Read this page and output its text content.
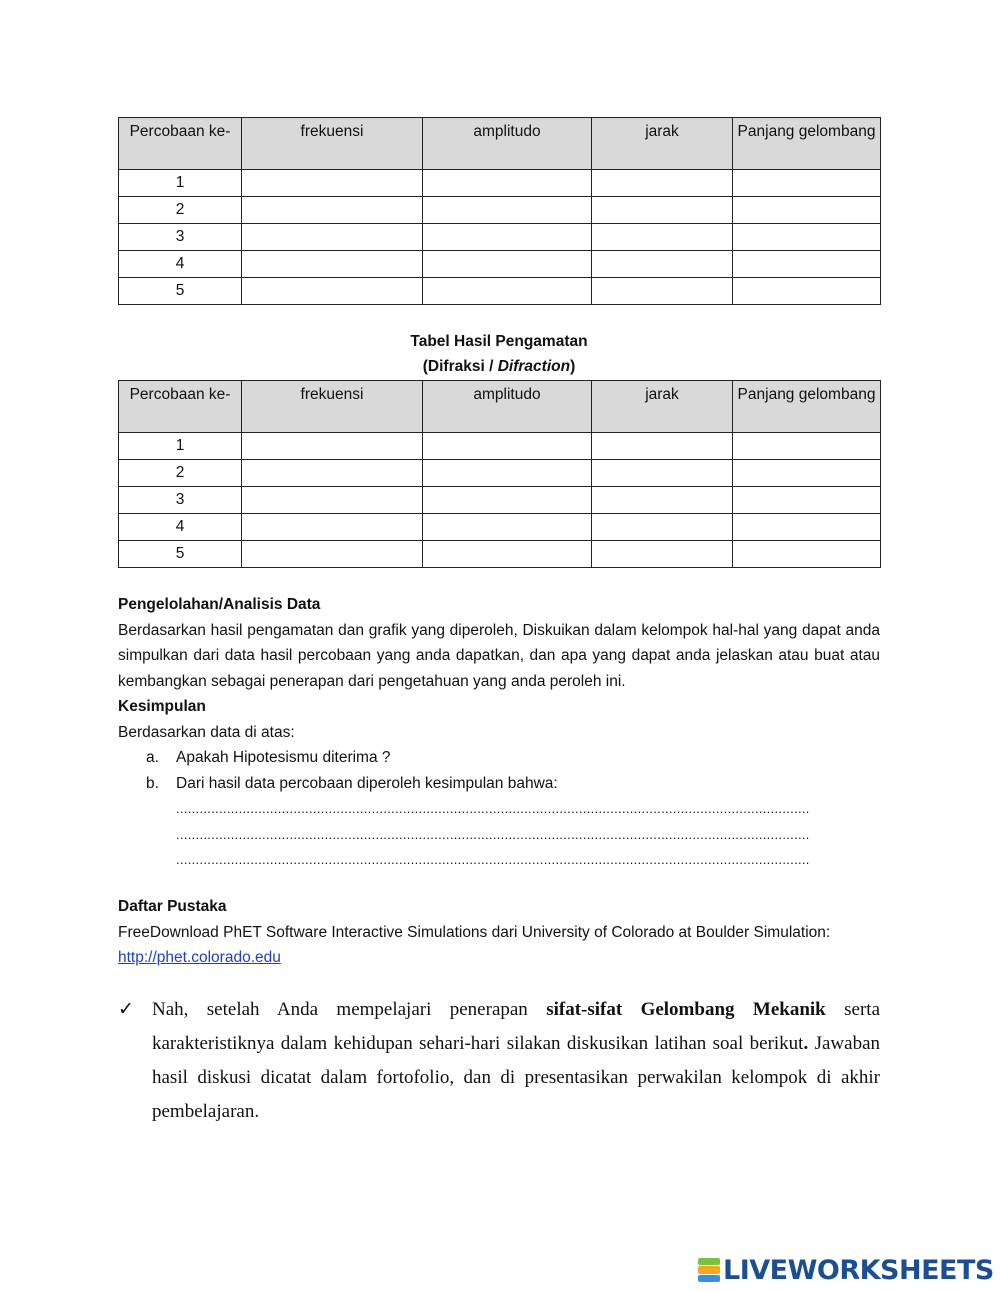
Percobaan ke-	frekuensi	amplitudo	jarak	Panjang gelombang
1				
2				
3				
4				
5				
Tabel Hasil Pengamatan
(Difraksi / Difraction)
Percobaan ke-	frekuensi	amplitudo	jarak	Panjang gelombang
1				
2				
3				
4				
5				
Pengelolahan/Analisis Data
Berdasarkan hasil pengamatan dan grafik yang diperoleh, Diskuikan dalam kelompok hal-hal yang dapat anda simpulkan dari data hasil percobaan yang anda dapatkan, dan apa yang dapat anda jelaskan atau buat atau kembangkan sebagai penerapan dari pengetahuan yang anda peroleh ini.
Kesimpulan
Berdasarkan data di atas:
a. Apakah Hipotesismu diterima ?
b. Dari hasil data percobaan diperoleh kesimpulan bahwa:
..................................................................................................................................................................
..................................................................................................................................................................
..................................................................................................................................................................
Daftar Pustaka
FreeDownload PhET Software Interactive Simulations dari University of Colorado at Boulder Simulation:
http://phet.colorado.edu
✓ Nah, setelah Anda mempelajari penerapan sifat-sifat Gelombang Mekanik serta karakteristiknya dalam kehidupan sehari-hari silakan diskusikan latihan soal berikut. Jawaban hasil diskusi dicatat dalam fortofolio, dan di presentasikan perwakilan kelompok di akhir pembelajaran.
LIVEWORKSHEETS
